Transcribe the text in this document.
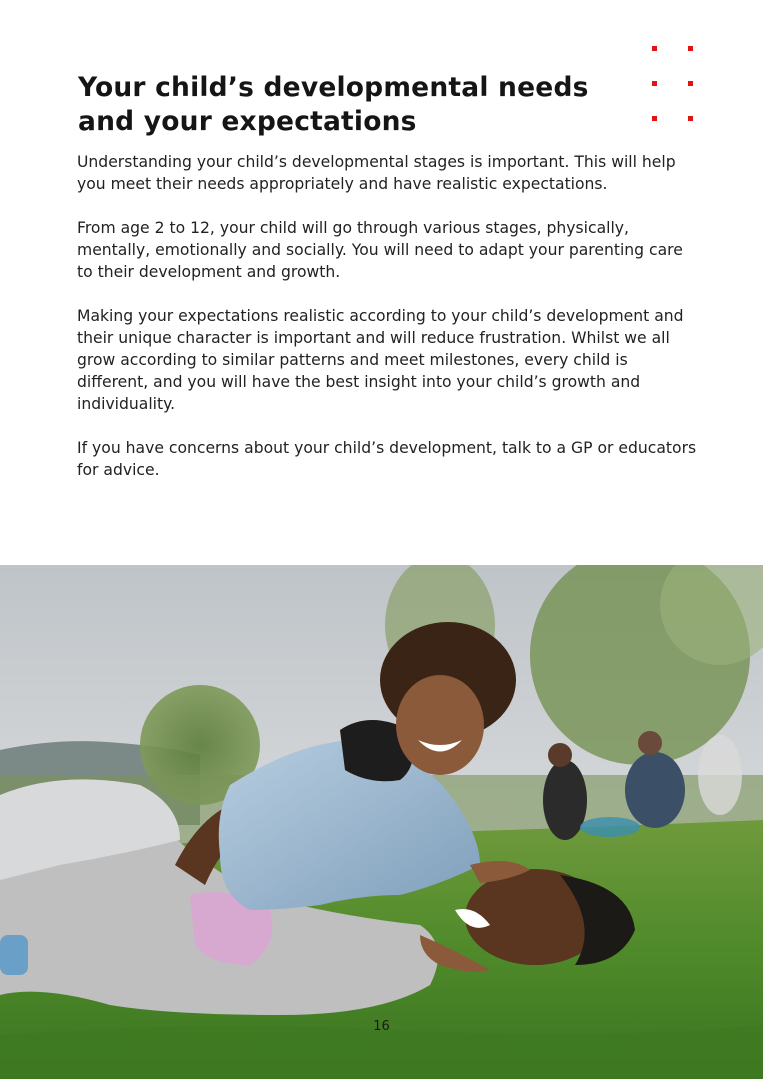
Your child’s developmental needs and your expectations

Understanding your child’s developmental stages is important. This will help you meet their needs appropriately and have realistic expectations.

From age 2 to 12, your child will go through various stages, physically, mentally, emotionally and socially. You will need to adapt your parenting care to their development and growth.

Making your expectations realistic according to your child’s development and their unique character is important and will reduce frustration. Whilst we all grow according to similar patterns and meet milestones, every child is different, and you will have the best insight into your child’s growth and individuality.

If you have concerns about your child’s development, talk to a GP or educators for advice.

16
